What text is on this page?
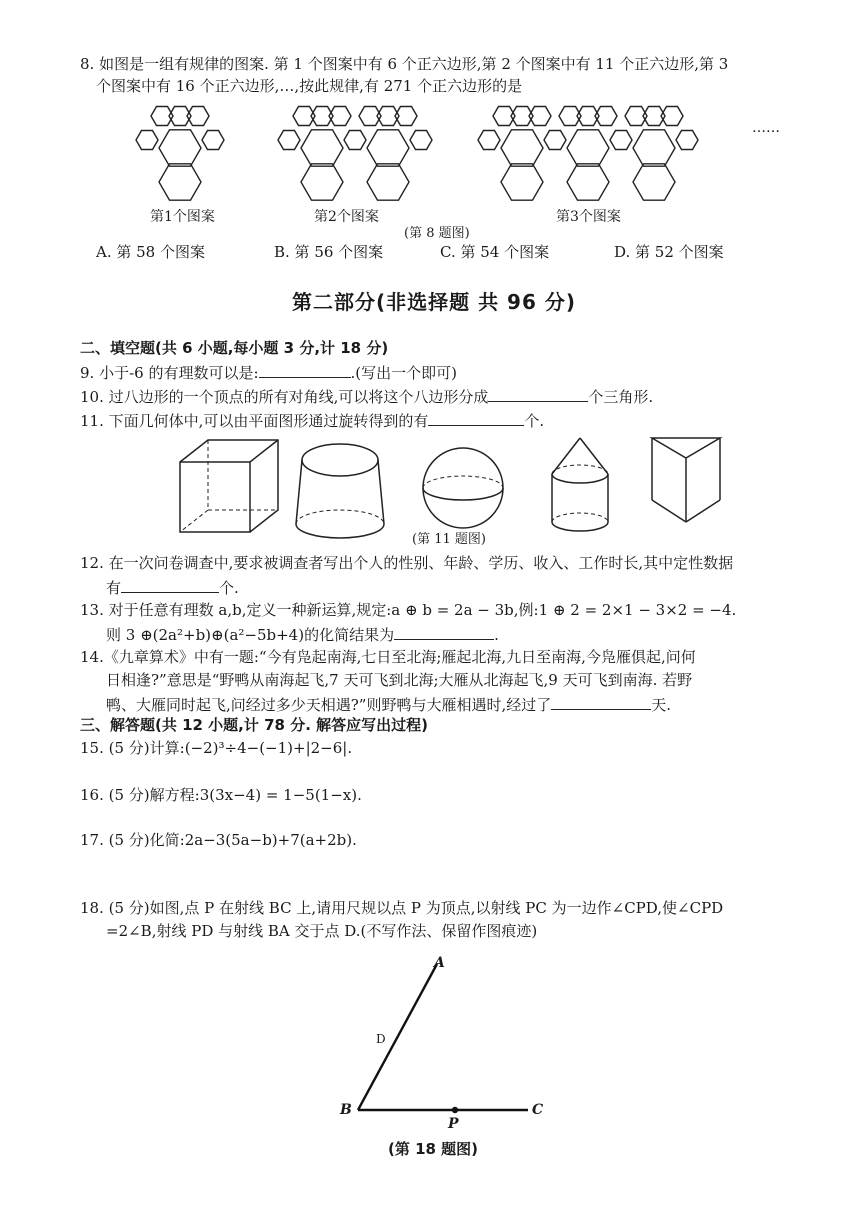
8. 如图是一组有规律的图案. 第 1 个图案中有 6 个正六边形,第 2 个图案中有 11 个正六边形,第 3
个图案中有 16 个正六边形,…,按此规律,有 271 个正六边形的是
……
第1个图案	第2个图案	第3个图案
(第 8 题图)
A. 第 58 个图案	B. 第 56 个图案	C. 第 54 个图案	D. 第 52 个图案
第二部分(非选择题 共 96 分)
二、填空题(共 6 小题,每小题 3 分,计 18 分)
9. 小于-6 的有理数可以是:	.(写出一个即可)
10. 过八边形的一个顶点的所有对角线,可以将这个八边形分成	个三角形.
11. 下面几何体中,可以由平面图形通过旋转得到的有	个.
(第 11 题图)
12. 在一次问卷调查中,要求被调查者写出个人的性别、年龄、学历、收入、工作时长,其中定性数据
有	个.
13. 对于任意有理数 a,b,定义一种新运算,规定:a ⊕ b = 2a − 3b,例:1 ⊕ 2 = 2×1 − 3×2 = −4.
则 3 ⊕(2a²+b)⊕(a²−5b+4)的化简结果为	.
14.《九章算术》中有一题:“今有凫起南海,七日至北海;雁起北海,九日至南海,今凫雁俱起,问何
日相逢?”意思是“野鸭从南海起飞,7 天可飞到北海;大雁从北海起飞,9 天可飞到南海. 若野
鸭、大雁同时起飞,问经过多少天相遇?”则野鸭与大雁相遇时,经过了	天.
三、解答题(共 12 小题,计 78 分. 解答应写出过程)
15. (5 分)计算:(−2)³÷4−(−1)+|2−6|.
16. (5 分)解方程:3(3x−4) = 1−5(1−x).
17. (5 分)化简:2a−3(5a−b)+7(a+2b).
18. (5 分)如图,点 P 在射线 BC 上,请用尺规以点 P 为顶点,以射线 PC 为一边作∠CPD,使∠CPD
=2∠B,射线 PD 与射线 BA 交于点 D.(不写作法、保留作图痕迹)
A
D
B
P
C
(第 18 题图)
